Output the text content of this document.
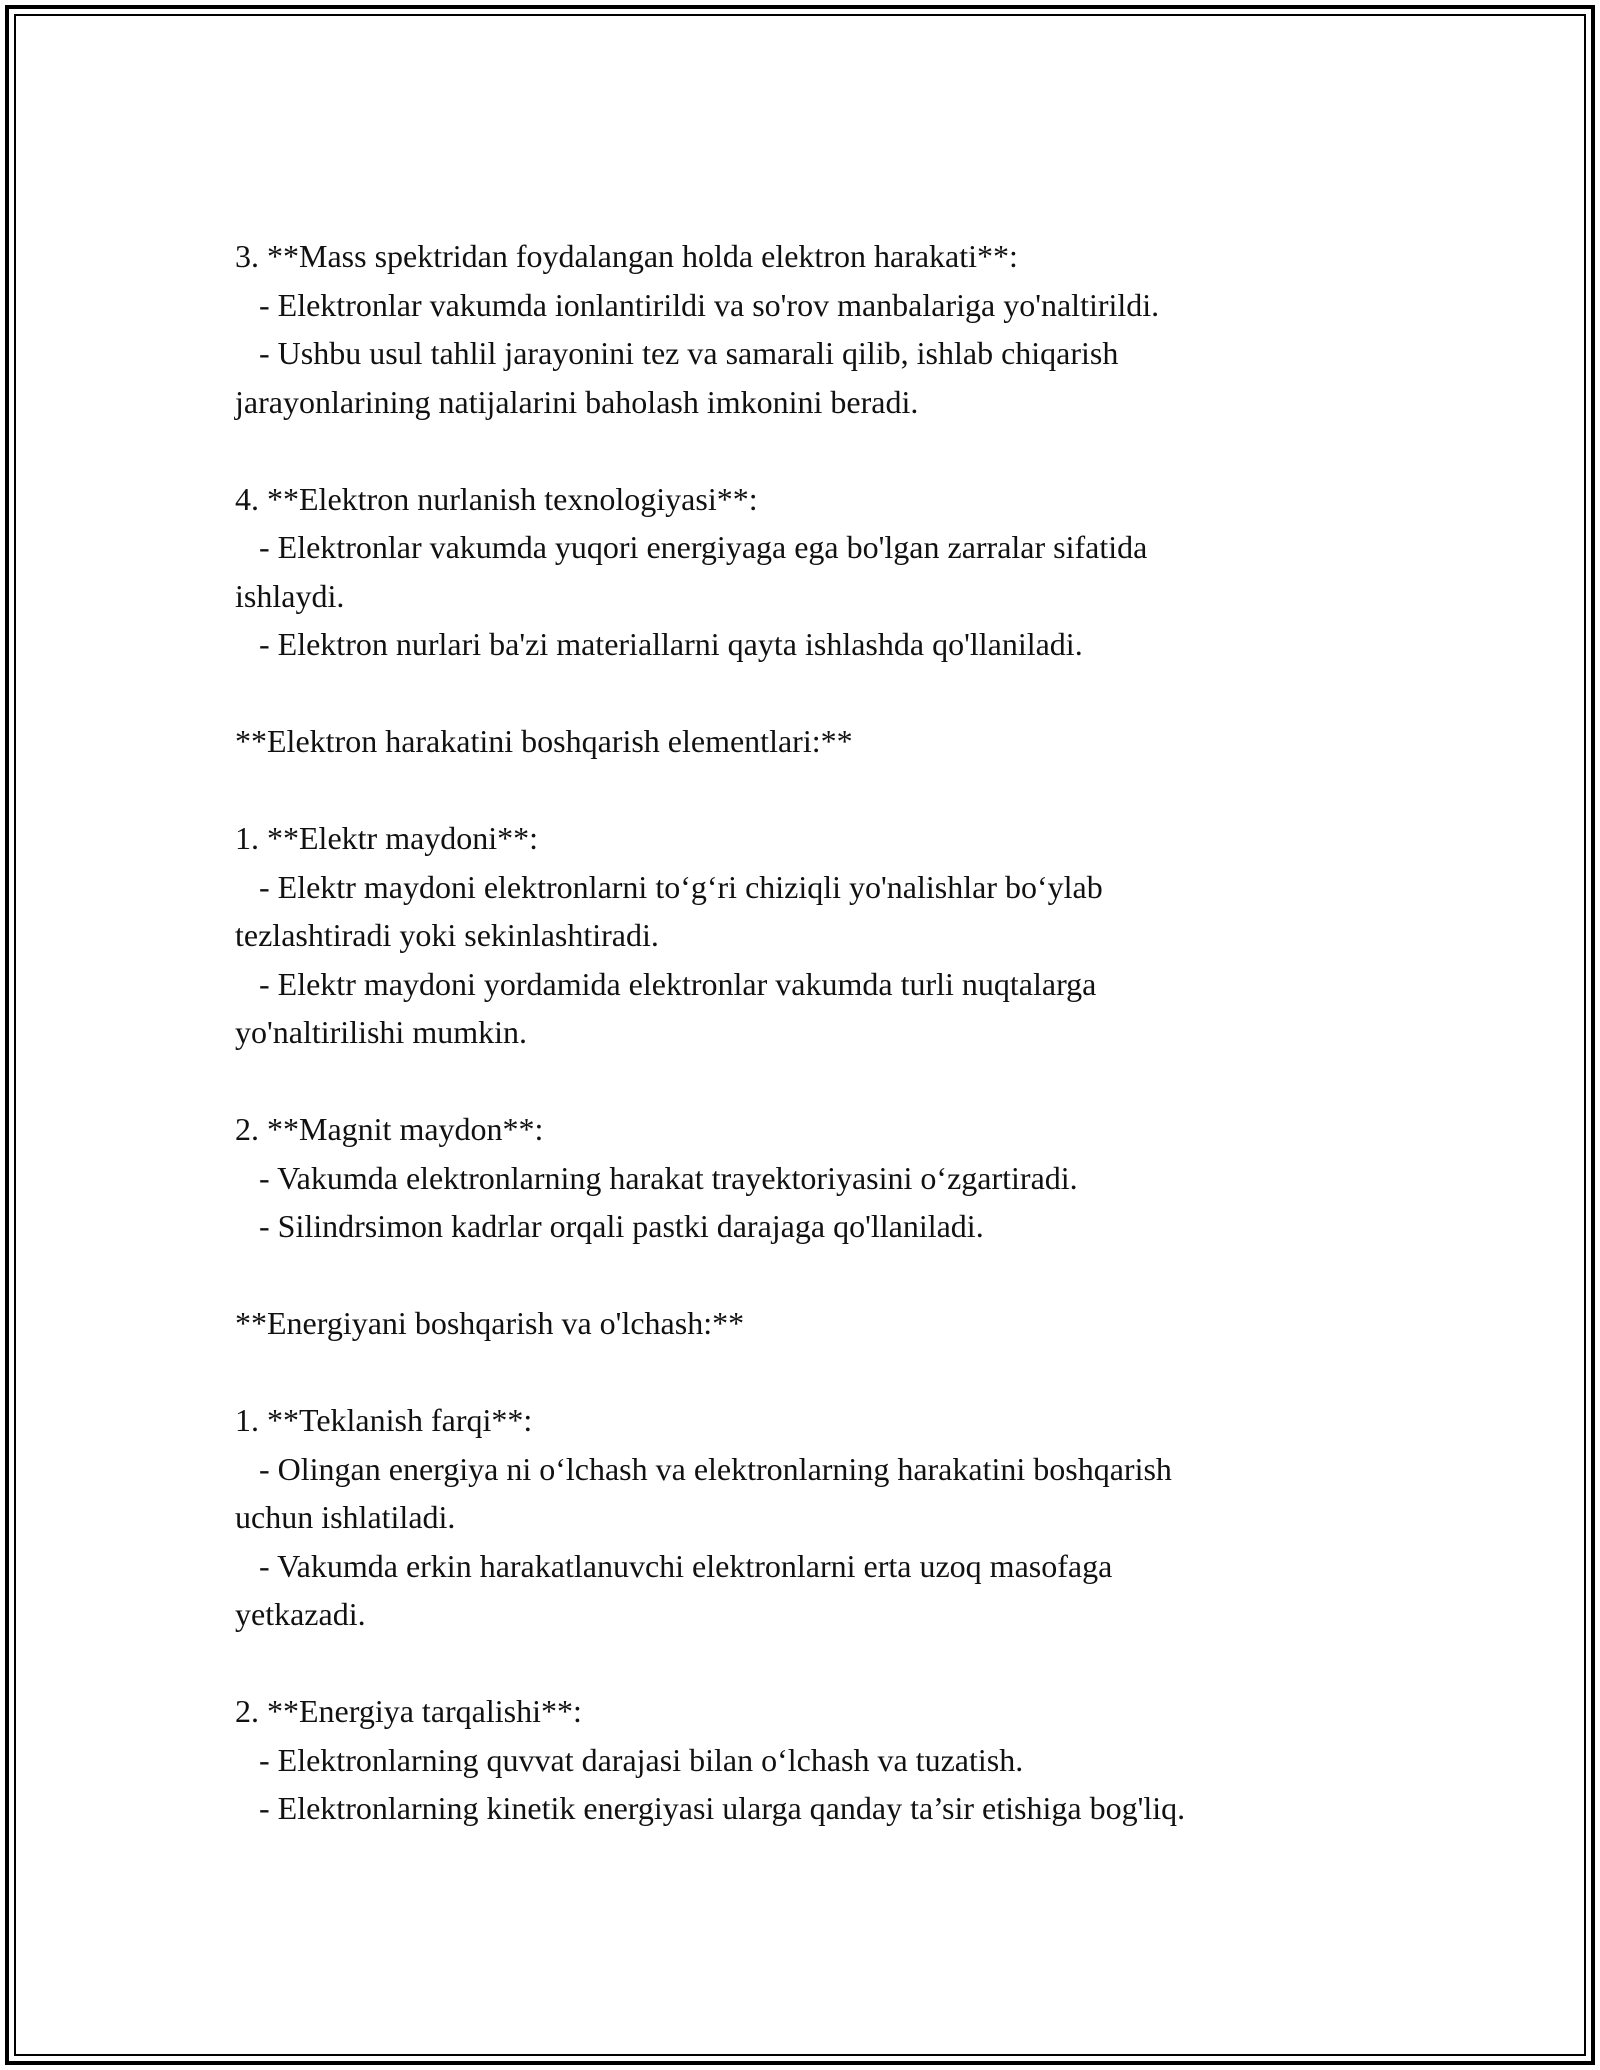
3. **Mass spektridan foydalangan holda elektron harakati**:

- Elektronlar vakumda ionlantirildi va so'rov manbalariga yo'naltirildi.

- Ushbu usul tahlil jarayonini tez va samarali qilib, ishlab chiqarish

jarayonlarining natijalarini baholash imkonini beradi.

4. **Elektron nurlanish texnologiyasi**:

- Elektronlar vakumda yuqori energiyaga ega bo'lgan zarralar sifatida

ishlaydi.

- Elektron nurlari ba'zi materiallarni qayta ishlashda qo'llaniladi.

**Elektron harakatini boshqarish elementlari:**

1. **Elektr maydoni**:

- Elektr maydoni elektronlarni to‘g‘ri chiziqli yo'nalishlar bo‘ylab

tezlashtiradi yoki sekinlashtiradi.

- Elektr maydoni yordamida elektronlar vakumda turli nuqtalarga

yo'naltirilishi mumkin.

2. **Magnit maydon**:

- Vakumda elektronlarning harakat trayektoriyasini o‘zgartiradi.

- Silindrsimon kadrlar orqali pastki darajaga qo'llaniladi.

**Energiyani boshqarish va o'lchash:**

1. **Teklanish farqi**:

- Olingan energiya ni o‘lchash va elektronlarning harakatini boshqarish

uchun ishlatiladi.

- Vakumda erkin harakatlanuvchi elektronlarni erta uzoq masofaga

yetkazadi.

2. **Energiya tarqalishi**:

- Elektronlarning quvvat darajasi bilan o‘lchash va tuzatish.

- Elektronlarning kinetik energiyasi ularga qanday ta’sir etishiga bog'liq.
